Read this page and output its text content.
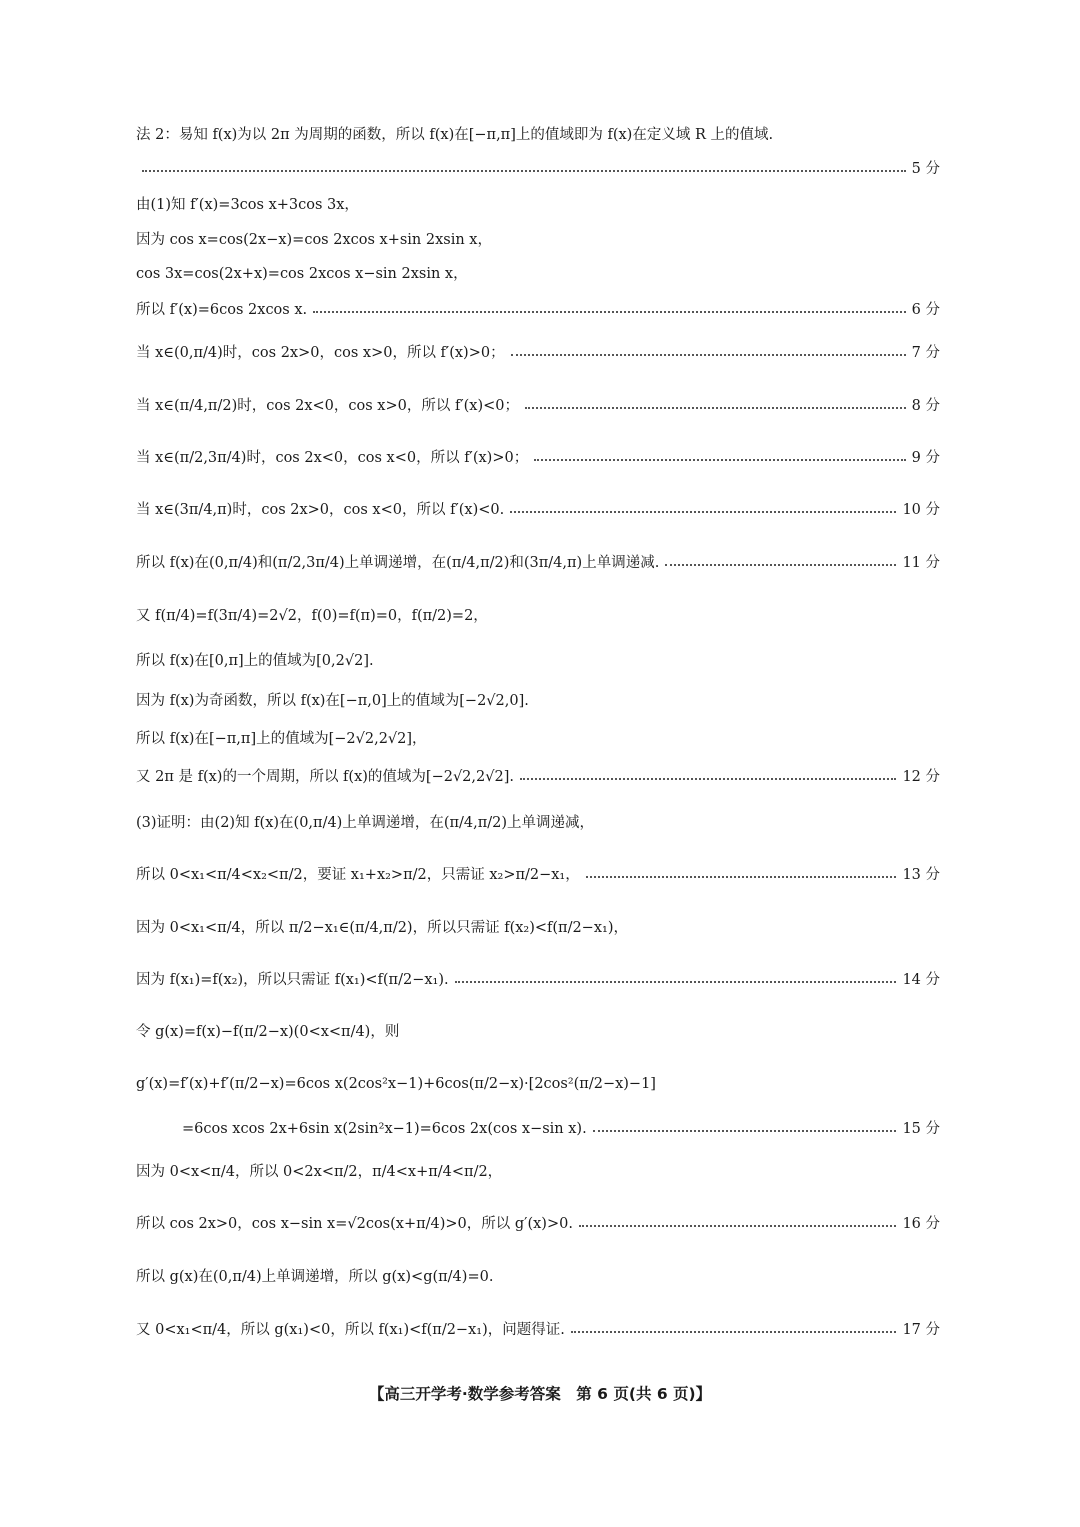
法 2：易知 f(x)为以 2π 为周期的函数，所以 f(x)在[−π,π]上的值域即为 f(x)在定义域 R 上的值域.
5 分
由(1)知 f′(x)=3cos x+3cos 3x，
因为 cos x=cos(2x−x)=cos 2xcos x+sin 2xsin x，
cos 3x=cos(2x+x)=cos 2xcos x−sin 2xsin x，
所以 f′(x)=6cos 2xcos x.	6 分
当 x∈(0,π/4)时，cos 2x>0，cos x>0，所以 f′(x)>0；	7 分
当 x∈(π/4,π/2)时，cos 2x<0，cos x>0，所以 f′(x)<0；	8 分
当 x∈(π/2,3π/4)时，cos 2x<0，cos x<0，所以 f′(x)>0；	9 分
当 x∈(3π/4,π)时，cos 2x>0，cos x<0，所以 f′(x)<0.	10 分
所以 f(x)在(0,π/4)和(π/2,3π/4)上单调递增，在(π/4,π/2)和(3π/4,π)上单调递减.	11 分
又 f(π/4)=f(3π/4)=2√2，f(0)=f(π)=0，f(π/2)=2，
所以 f(x)在[0,π]上的值域为[0,2√2].
因为 f(x)为奇函数，所以 f(x)在[−π,0]上的值域为[−2√2,0].
所以 f(x)在[−π,π]上的值域为[−2√2,2√2]，
又 2π 是 f(x)的一个周期，所以 f(x)的值域为[−2√2,2√2].	12 分
(3)证明：由(2)知 f(x)在(0,π/4)上单调递增，在(π/4,π/2)上单调递减，
所以 0<x₁<π/4<x₂<π/2，要证 x₁+x₂>π/2，只需证 x₂>π/2−x₁，	13 分
因为 0<x₁<π/4，所以 π/2−x₁∈(π/4,π/2)，所以只需证 f(x₂)<f(π/2−x₁)，
因为 f(x₁)=f(x₂)，所以只需证 f(x₁)<f(π/2−x₁).	14 分
令 g(x)=f(x)−f(π/2−x)(0<x<π/4)，则
g′(x)=f′(x)+f′(π/2−x)=6cos x(2cos²x−1)+6cos(π/2−x)·[2cos²(π/2−x)−1]
=6cos xcos 2x+6sin x(2sin²x−1)=6cos 2x(cos x−sin x).	15 分
因为 0<x<π/4，所以 0<2x<π/2，π/4<x+π/4<π/2，
所以 cos 2x>0，cos x−sin x=√2cos(x+π/4)>0，所以 g′(x)>0.	16 分
所以 g(x)在(0,π/4)上单调递增，所以 g(x)<g(π/4)=0.
又 0<x₁<π/4，所以 g(x₁)<0，所以 f(x₁)<f(π/2−x₁)，问题得证.	17 分
【高三开学考·数学参考答案　第 6 页(共 6 页)】
